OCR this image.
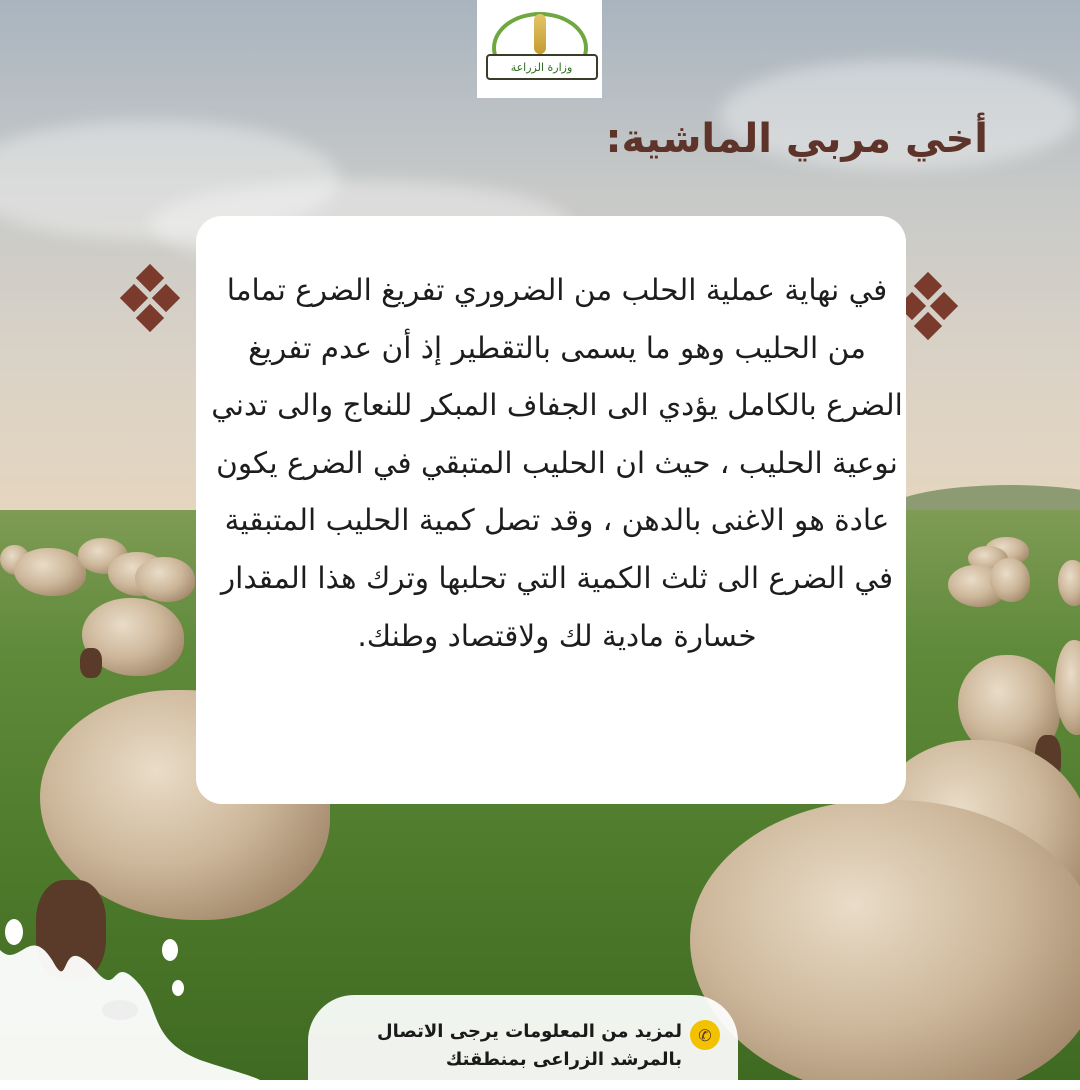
وزارة الزراعة
أخي مربي الماشية:

في نهاية عملية الحلب من الضروري تفريغ الضرع تماما من الحليب وهو ما يسمى بالتقطير إذ أن عدم تفريغ الضرع بالكامل يؤدي الى الجفاف المبكر للنعاج والى تدني نوعية الحليب ، حيث ان الحليب المتبقي في الضرع يكون عادة هو الاغنى بالدهن ، وقد تصل كمية الحليب المتبقية في الضرع الى ثلث الكمية التي تحلبها وترك هذا المقدار خسارة مادية لك ولاقتصاد وطنك.

✆
لمزيد من المعلومات يرجى الاتصال
بالمرشد الزراعى بمنطقتك
